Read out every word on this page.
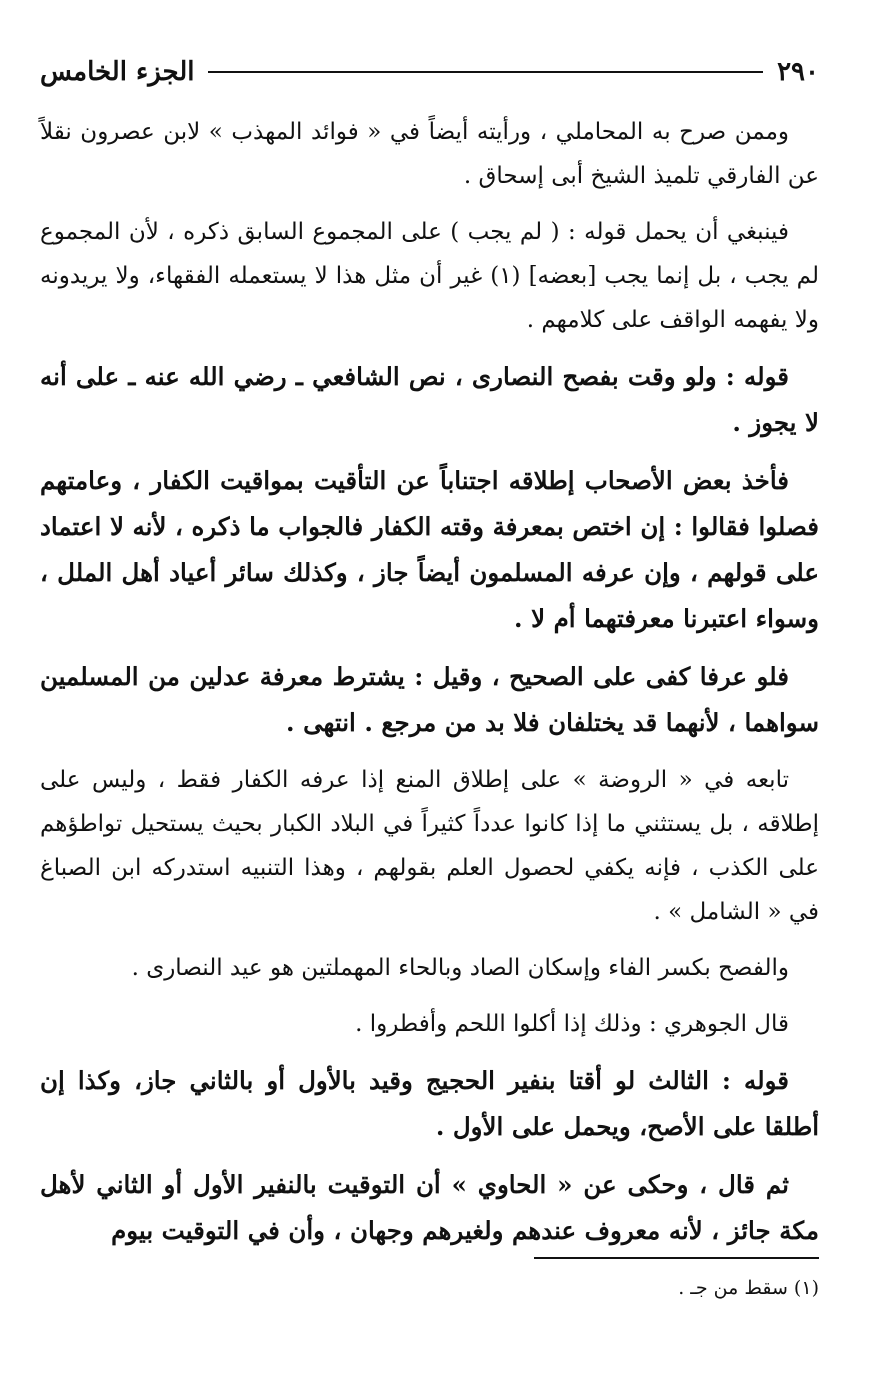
٢٩٠
الجزء الخامس

وممن صرح به المحاملي ، ورأيته أيضاً في « فوائد المهذب » لابن عصرون نقلاً عن الفارقي تلميذ الشيخ أبى إسحاق .

فينبغي أن يحمل قوله : ( لم يجب ) على المجموع السابق ذكره ، لأن المجموع لم يجب ، بل إنما يجب [بعضه] (١) غير أن مثل هذا لا يستعمله الفقهاء، ولا يريدونه ولا يفهمه الواقف على كلامهم .

قوله : ولو وقت بفصح النصارى ، نص الشافعي ـ رضي الله عنه ـ على أنه لا يجوز .

فأخذ بعض الأصحاب إطلاقه اجتناباً عن التأقيت بمواقيت الكفار ، وعامتهم فصلوا فقالوا : إن اختص بمعرفة وقته الكفار فالجواب ما ذكره ، لأنه لا اعتماد على قولهم ، وإن عرفه المسلمون أيضاً جاز ، وكذلك سائر أعياد أهل الملل ، وسواء اعتبرنا معرفتهما أم لا .

فلو عرفا كفى على الصحيح ، وقيل : يشترط معرفة عدلين من المسلمين سواهما ، لأنهما قد يختلفان فلا بد من مرجع . انتهى .

تابعه في « الروضة » على إطلاق المنع إذا عرفه الكفار فقط ، وليس على إطلاقه ، بل يستثني ما إذا كانوا عدداً كثيراً في البلاد الكبار بحيث يستحيل تواطؤهم على الكذب ، فإنه يكفي لحصول العلم بقولهم ، وهذا التنبيه استدركه ابن الصباغ في « الشامل » .

والفصح بكسر الفاء وإسكان الصاد وبالحاء المهملتين هو عيد النصارى .

قال الجوهري : وذلك إذا أكلوا اللحم وأفطروا .

قوله : الثالث لو أقتا بنفير الحجيج وقيد بالأول أو بالثاني جاز، وكذا إن أطلقا على الأصح، ويحمل على الأول .

ثم قال ، وحكى عن « الحاوي » أن التوقيت بالنفير الأول أو الثاني لأهل مكة جائز ، لأنه معروف عندهم ولغيرهم وجهان ، وأن في التوقيت بيوم

(١) سقط من جـ .
